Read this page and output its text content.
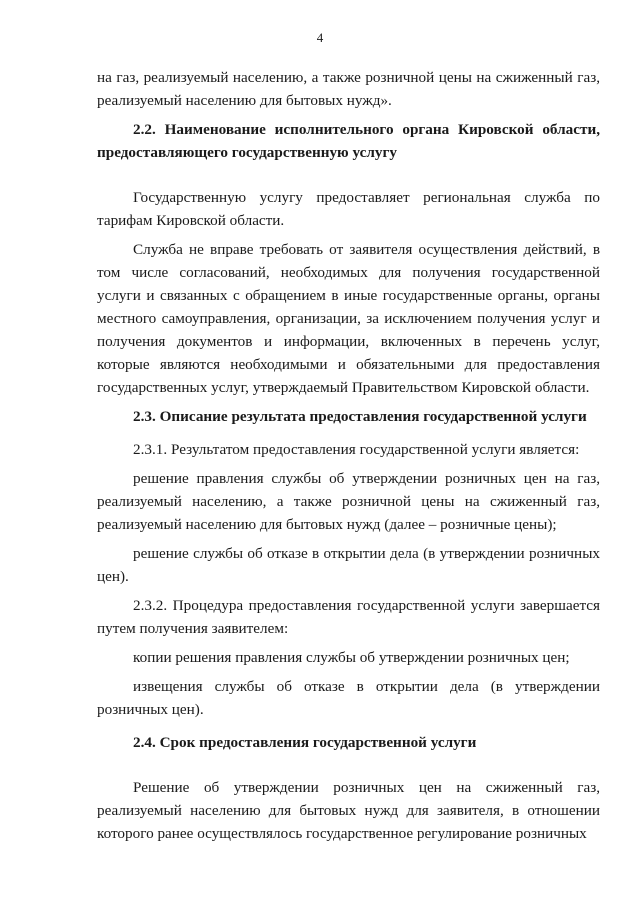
4

на газ, реализуемый населению, а также розничной цены на сжиженный газ, реализуемый населению для бытовых нужд».

2.2. Наименование исполнительного органа Кировской области, предоставляющего государственную услугу

Государственную услугу предоставляет региональная служба по тарифам Кировской области.

Служба не вправе требовать от заявителя осуществления действий, в том числе согласований, необходимых для получения государственной услуги и связанных с обращением в иные государственные органы, органы местного самоуправления, организации, за исключением получения услуг и получения документов и информации, включенных в перечень услуг, которые являются необходимыми и обязательными для предоставления государственных услуг, утверждаемый Правительством Кировской области.

2.3. Описание результата предоставления государственной услуги

2.3.1. Результатом предоставления государственной услуги является:

решение правления службы об утверждении розничных цен на газ, реализуемый населению, а также розничной цены на сжиженный газ, реализуемый населению для бытовых нужд (далее – розничные цены);

решение службы об отказе в открытии дела (в утверждении розничных цен).

2.3.2. Процедура предоставления государственной услуги завершается путем получения заявителем:

копии решения правления службы об утверждении розничных цен;

извещения службы об отказе в открытии дела (в утверждении розничных цен).

2.4. Срок предоставления государственной услуги

Решение об утверждении розничных цен на сжиженный газ, реализуемый населению для бытовых нужд для заявителя, в отношении которого ранее осуществлялось государственное регулирование розничных
